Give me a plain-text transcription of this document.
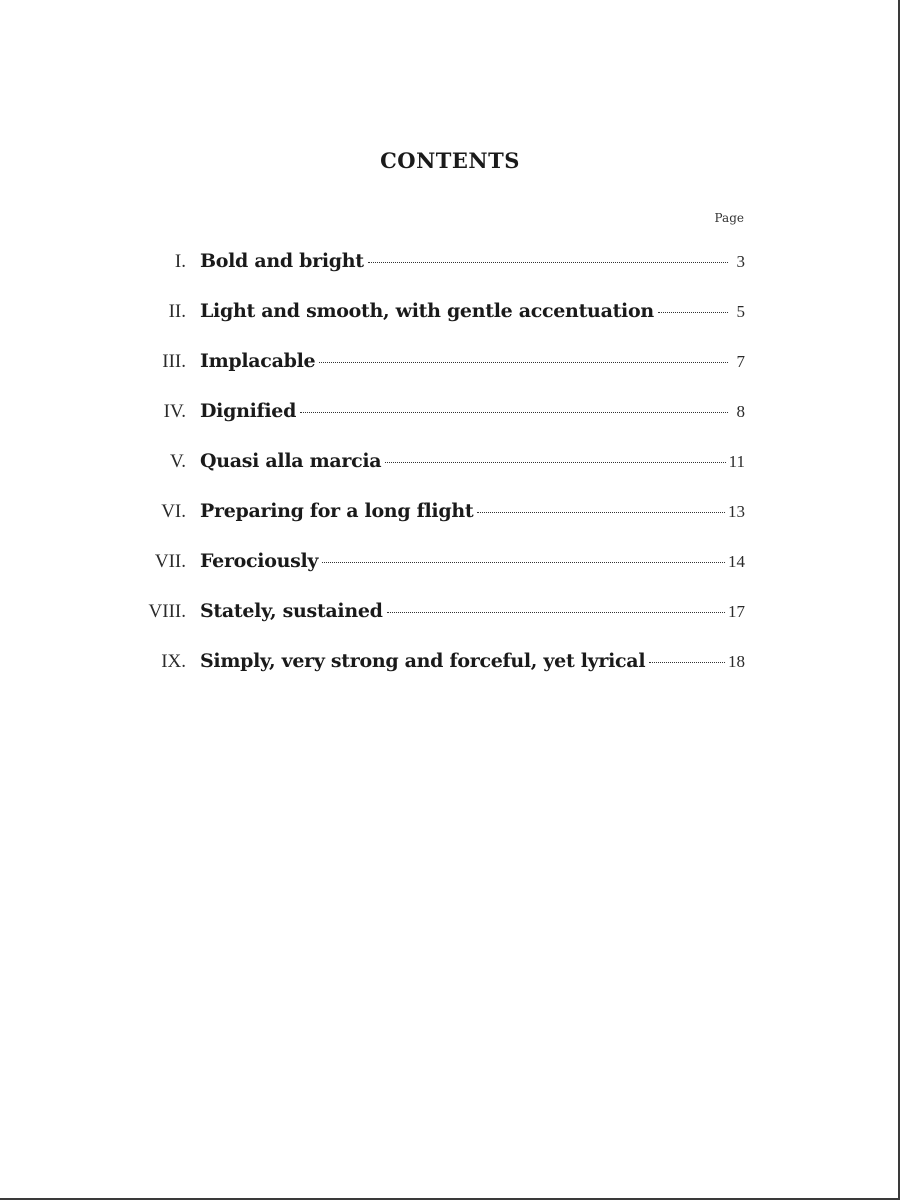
CONTENTS
Page
I. Bold and bright	3
II. Light and smooth, with gentle accentuation	5
III. Implacable	7
IV. Dignified	8
V. Quasi alla marcia	11
VI. Preparing for a long flight	13
VII. Ferociously	14
VIII. Stately, sustained	17
IX. Simply, very strong and forceful, yet lyrical	18
